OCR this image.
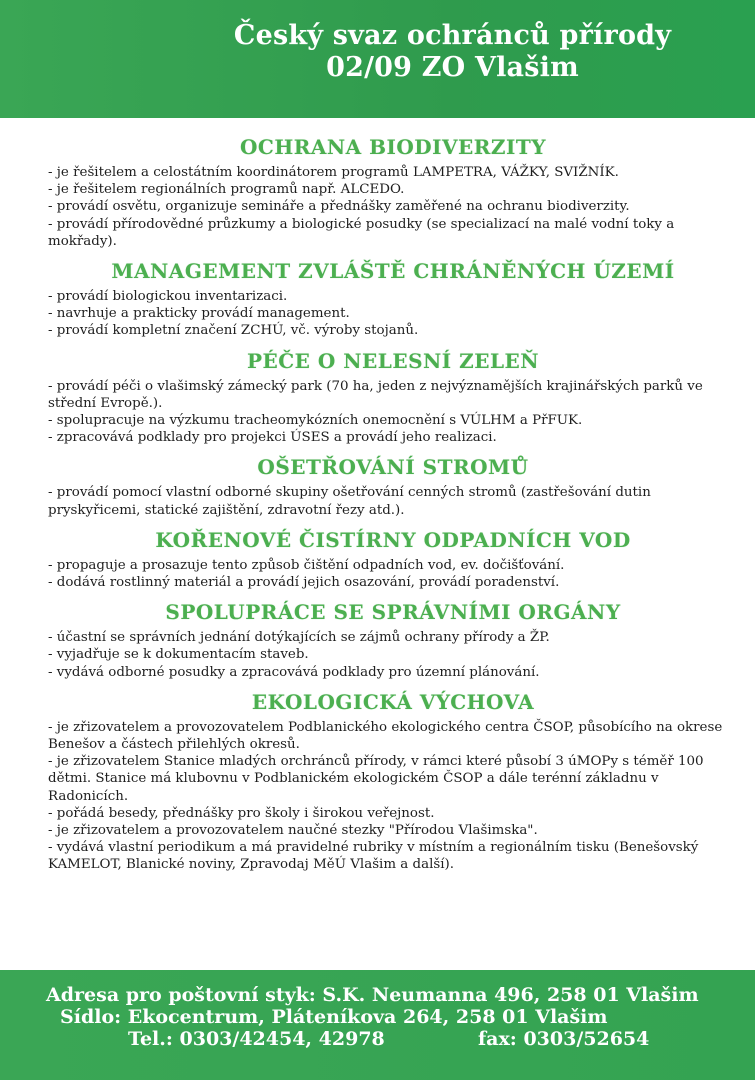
Český svaz ochránců přírody
02/09 ZO Vlašim
OCHRANA BIODIVERZITY
- je řešitelem a celostátním koordinátorem programů LAMPETRA, VÁŽKY, SVIŽNÍK.
- je řešitelem regionálních programů např. ALCEDO.
- provádí osvětu, organizuje semináře a přednášky zaměřené na ochranu biodiverzity.
- provádí přírodovědné průzkumy a biologické posudky (se specializací na malé vodní toky a mokřady).
MANAGEMENT ZVLÁŠTĚ CHRÁNĚNÝCH ÚZEMÍ
- provádí biologickou inventarizaci.
- navrhuje a prakticky provádí management.
- provádí kompletní značení ZCHÚ, vč. výroby stojanů.
PÉČE O NELESNÍ ZELEŇ
- provádí péči o vlašimský zámecký park (70 ha, jeden z nejvýznamějších krajinářských parků ve střední Evropě.).
- spolupracuje na výzkumu tracheomykózních onemocnění s VÚLHM a PřFUK.
- zpracovává podklady pro projekci ÚSES a provádí jeho realizaci.
OŠETŘOVÁNÍ STROMŮ
- provádí pomocí vlastní odborné skupiny ošetřování cenných stromů (zastřešování dutin pryskyřicemi, statické zajištění, zdravotní řezy atd.).
KOŘENOVÉ ČISTÍRNY ODPADNÍCH VOD
- propaguje a prosazuje tento způsob čištění odpadních vod, ev. dočišťování.
- dodává rostlinný materiál a provádí jejich osazování, provádí poradenství.
SPOLUPRÁCE SE SPRÁVNÍMI ORGÁNY
- účastní se správních jednání dotýkajících se zájmů ochrany přírody a ŽP.
- vyjadřuje se k dokumentacím staveb.
- vydává odborné posudky a zpracovává podklady pro územní plánování.
EKOLOGICKÁ VÝCHOVA
- je zřizovatelem a provozovatelem Podblanického ekologického centra ČSOP, působícího na okrese Benešov a částech přilehlých okresů.
- je zřizovatelem Stanice mladých orchránců přírody, v rámci které působí 3 úMOPy s téměř 100 dětmi. Stanice má klubovnu v Podblanickém ekologickém ČSOP a dále terénní základnu v Radonicích.
- pořádá besedy, přednášky pro školy i širokou veřejnost.
- je zřizovatelem a provozovatelem naučné stezky "Přírodou Vlašimska".
- vydává vlastní periodikum a má pravidelné rubriky v místním a regionálním tisku (Benešovský KAMELOT, Blanické noviny, Zpravodaj MěÚ Vlašim a další).
Adresa pro poštovní styk: S.K. Neumanna 496, 258 01 Vlašim
Sídlo: Ekocentrum, Pláteníkova 264, 258 01 Vlašim
Tel.: 0303/42454, 42978	fax: 0303/52654
